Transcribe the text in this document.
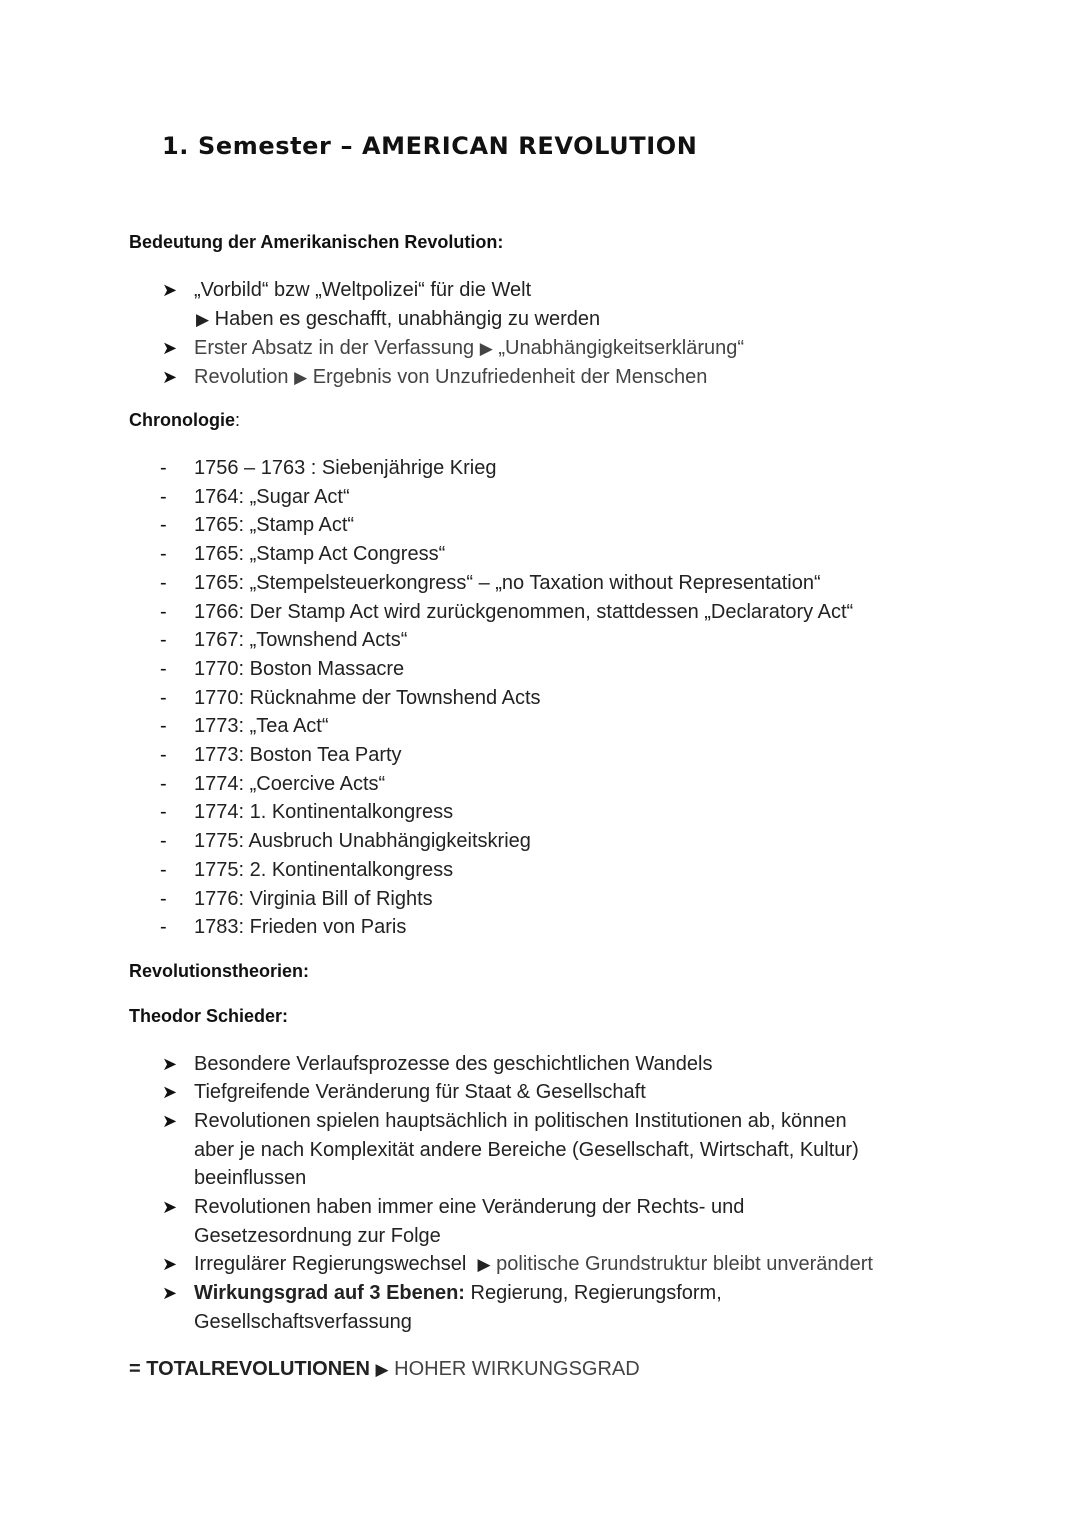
1. Semester – AMERICAN REVOLUTION
Bedeutung der Amerikanischen Revolution:
➤ „Vorbild“ bzw „Weltpolizei“ für die Welt
▶ Haben es geschafft, unabhängig zu werden
➤ Erster Absatz in der Verfassung ▶ „Unabhängigkeitserklärung“
➤ Revolution ▶ Ergebnis von Unzufriedenheit der Menschen
Chronologie:
- 1756 – 1763 : Siebenjährige Krieg
- 1764: „Sugar Act“
- 1765: „Stamp Act“
- 1765: „Stamp Act Congress“
- 1765: „Stempelsteuerkongress“ – „no Taxation without Representation“
- 1766: Der Stamp Act wird zurückgenommen, stattdessen „Declaratory Act“
- 1767: „Townshend Acts“
- 1770: Boston Massacre
- 1770: Rücknahme der Townshend Acts
- 1773: „Tea Act“
- 1773: Boston Tea Party
- 1774: „Coercive Acts“
- 1774: 1. Kontinentalkongress
- 1775: Ausbruch Unabhängigkeitskrieg
- 1775: 2. Kontinentalkongress
- 1776: Virginia Bill of Rights
- 1783: Frieden von Paris
Revolutionstheorien:
Theodor Schieder:
➤ Besondere Verlaufsprozesse des geschichtlichen Wandels
➤ Tiefgreifende Veränderung für Staat & Gesellschaft
➤ Revolutionen spielen hauptsächlich in politischen Institutionen ab, können
aber je nach Komplexität andere Bereiche (Gesellschaft, Wirtschaft, Kultur)
beeinflussen
➤ Revolutionen haben immer eine Veränderung der Rechts- und
Gesetzesordnung zur Folge
➤ Irregulärer Regierungswechsel ▶ politische Grundstruktur bleibt unverändert
➤ Wirkungsgrad auf 3 Ebenen: Regierung, Regierungsform,
Gesellschaftsverfassung
= TOTALREVOLUTIONEN ▶ HOHER WIRKUNGSGRAD
